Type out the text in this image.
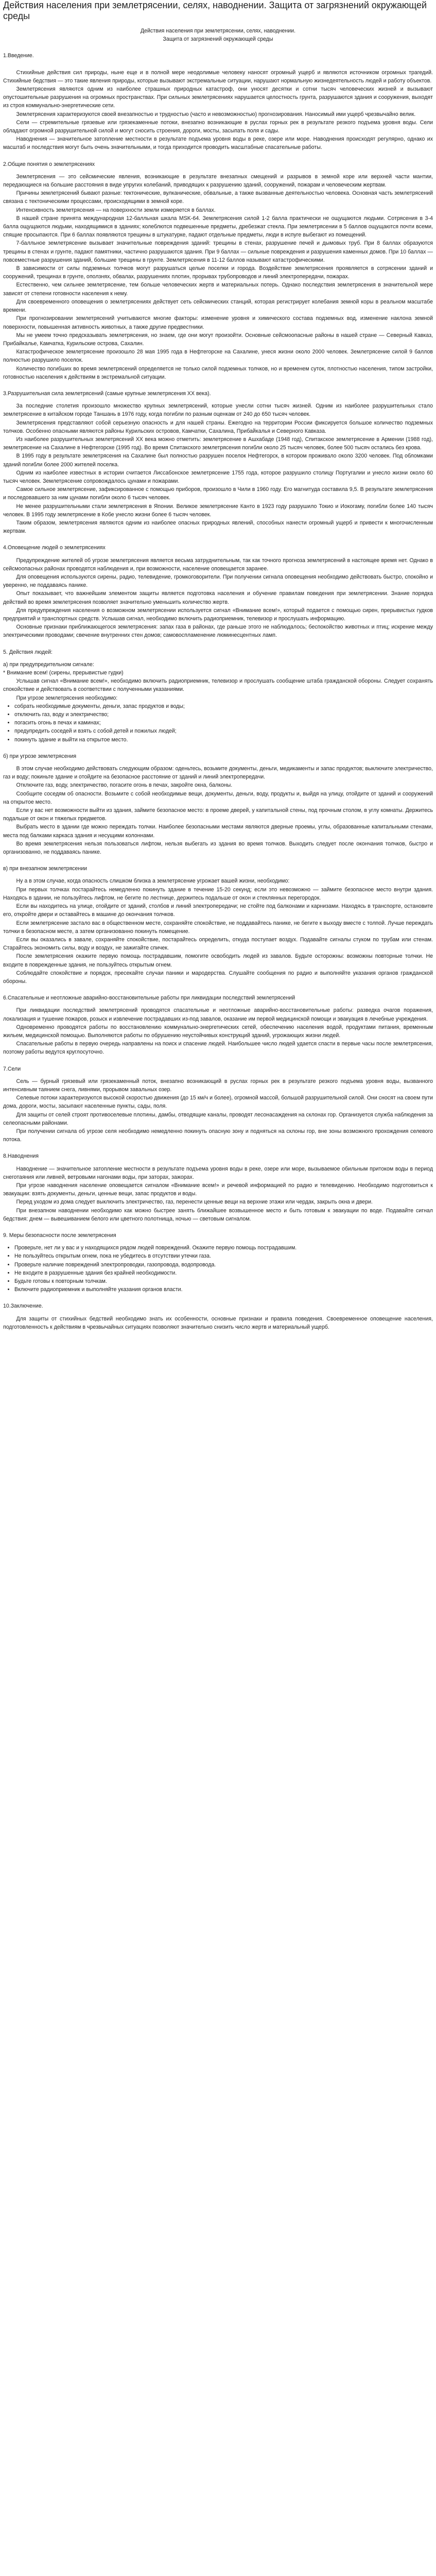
Действия населения при землетрясении, селях, наводнении. Защита от загрязнений окружающей среды

Действия населения при землетрясении, селях, наводнении.

Защита от загрязнений окружающей среды

1.Введение.

Стихийные действия сил природы, ныне еще и в полной мере неодолимые человеку наносят огромный ущерб и являются источником огромных трагедий. Стихийные бедствия — это такие явления природы, которые вызывают экстремальные ситуации, нарушают нормальную жизнедеятельность людей и работу объектов.

Землетрясения являются одним из наиболее страшных природных катастроф, они уносят десятки и сотни тысяч человеческих жизней и вызывают опустошительные разрушения на огромных пространствах. При сильных землетрясениях нарушается целостность грунта, разрушаются здания и сооружения, выходят из строя коммунально-энергетические сети.

Землетрясения характеризуются своей внезапностью и трудностью (часто и невозможностью) прогнозирования. Наносимый ими ущерб чрезвычайно велик.

Сели — стремительные грязевые или грязекаменные потоки, внезапно возникающие в руслах горных рек в результате резкого подъема уровня воды. Сели обладают огромной разрушительной силой и могут сносить строения, дороги, мосты, засыпать поля и сады.

Наводнения — значительное затопление местности в результате подъема уровня воды в реке, озере или море. Наводнения происходят регулярно, однако их масштаб и последствия могут быть очень значительными, и тогда приходится проводить масштабные спасательные работы.

2.Общие понятия о землетрясениях

Землетрясения — это сейсмические явления, возникающие в результате внезапных смещений и разрывов в земной коре или верхней части мантии, передающиеся на большие расстояния в виде упругих колебаний, приводящих к разрушению зданий, сооружений, пожарам и человеческим жертвам.

Причины землетрясений бывают разные: тектонические, вулканические, обвальные, а также вызванные деятельностью человека. Основная часть землетрясений связана с тектоническими процессами, происходящими в земной коре.

Интенсивность землетрясения — на поверхности земли измеряется в баллах.

В нашей стране принята международная 12-балльная шкала MSK-64. Землетрясения силой 1-2 балла практически не ощущаются людьми. Сотрясения в 3-4 балла ощущаются людьми, находящимися в зданиях; колеблются подвешенные предметы, дребезжат стекла. При землетрясении в 5 баллов ощущаются почти всеми, спящие просыпаются. При 6 баллах появляются трещины в штукатурке, падают отдельные предметы, люди в испуге выбегают из помещений.

7-балльное землетрясение вызывает значительные повреждения зданий: трещины в стенах, разрушение печей и дымовых труб. При 8 баллах образуются трещины в стенах и грунте, падают памятники, частично разрушаются здания. При 9 баллах — сильные повреждения и разрушения каменных домов. При 10 баллах — повсеместные разрушения зданий, большие трещины в грунте. Землетрясения в 11-12 баллов называют катастрофическими.

В зависимости от силы подземных толчков могут разрушаться целые поселки и города. Воздействие землетрясения проявляется в сотрясении зданий и сооружений, трещинах в грунте, оползнях, обвалах, разрушениях плотин, прорывах трубопроводов и линий электропередачи, пожарах.

Естественно, чем сильнее землетрясение, тем больше человеческих жертв и материальных потерь. Однако последствия землетрясения в значительной мере зависят от степени готовности населения к нему.

Для своевременного оповещения о землетрясениях действует сеть сейсмических станций, которая регистрирует колебания земной коры в реальном масштабе времени.

При прогнозировании землетрясений учитываются многие факторы: изменение уровня и химического состава подземных вод, изменение наклона земной поверхности, повышенная активность животных, а также другие предвестники.

Мы не умеем точно предсказывать землетрясения, но знаем, где они могут произойти. Основные сейсмоопасные районы в нашей стране — Северный Кавказ, Прибайкалье, Камчатка, Курильские острова, Сахалин.

Катастрофическое землетрясение произошло 28 мая 1995 года в Нефтегорске на Сахалине, унеся жизни около 2000 человек. Землетрясение силой 9 баллов полностью разрушило поселок.

Количество погибших во время землетрясений определяется не только силой подземных толчков, но и временем суток, плотностью населения, типом застройки, готовностью населения к действиям в экстремальной ситуации.

3.Разрушительная сила землетрясений (самые крупные землетрясения XX века).

За последние столетия произошло множество крупных землетрясений, которые унесли сотни тысяч жизней. Одним из наиболее разрушительных стало землетрясение в китайском городе Таншань в 1976 году, когда погибли по разным оценкам от 240 до 650 тысяч человек.

Землетрясения представляют собой серьезную опасность и для нашей страны. Ежегодно на территории России фиксируется большое количество подземных толчков. Особенно опасными являются районы Курильских островов, Камчатки, Сахалина, Прибайкалья и Северного Кавказа.

Из наиболее разрушительных землетрясений XX века можно отметить: землетрясение в Ашхабаде (1948 год), Спитакское землетрясение в Армении (1988 год), землетрясение на Сахалине в Нефтегорске (1995 год). Во время Спитакского землетрясения погибли около 25 тысяч человек, более 500 тысяч остались без крова.

В 1995 году в результате землетрясения на Сахалине был полностью разрушен поселок Нефтегорск, в котором проживало около 3200 человек. Под обломками зданий погибли более 2000 жителей поселка.

Одним из наиболее известных в истории считается Лиссабонское землетрясение 1755 года, которое разрушило столицу Португалии и унесло жизни около 60 тысяч человек. Землетрясение сопровождалось цунами и пожарами.

Самое сильное землетрясение, зафиксированное с помощью приборов, произошло в Чили в 1960 году. Его магнитуда составила 9,5. В результате землетрясения и последовавшего за ним цунами погибли около 6 тысяч человек.

Не менее разрушительными стали землетрясения в Японии. Великое землетрясение Канто в 1923 году разрушило Токио и Иокогаму, погибли более 140 тысяч человек. В 1995 году землетрясение в Кобе унесло жизни более 6 тысяч человек.

Таким образом, землетрясения являются одним из наиболее опасных природных явлений, способных нанести огромный ущерб и привести к многочисленным жертвам.

4.Оповещение людей о землетрясениях

Предупреждение жителей об угрозе землетрясения является весьма затруднительным, так как точного прогноза землетрясений в настоящее время нет. Однако в сейсмоопасных районах проводятся наблюдения и, при возможности, население оповещается заранее.

Для оповещения используются сирены, радио, телевидение, громкоговорители. При получении сигнала оповещения необходимо действовать быстро, спокойно и уверенно, не поддаваясь панике.

Опыт показывает, что важнейшим элементом защиты является подготовка населения и обучение правилам поведения при землетрясении. Знание порядка действий во время землетрясения позволяет значительно уменьшить количество жертв.

Для предупреждения населения о возможном землетрясении используется сигнал «Внимание всем!», который подается с помощью сирен, прерывистых гудков предприятий и транспортных средств. Услышав сигнал, необходимо включить радиоприемник, телевизор и прослушать информацию.

Основные признаки приближающегося землетрясения: запах газа в районах, где раньше этого не наблюдалось; беспокойство животных и птиц; искрение между электрическими проводами; свечение внутренних стен домов; самовоспламенение люминесцентных ламп.

5. Действия людей:

а) при предупредительном сигнале:

* Внимание всем! (сирены, прерывистые гудки)

Услышав сигнал «Внимание всем!», необходимо включить радиоприемник, телевизор и прослушать сообщение штаба гражданской обороны. Следует сохранять спокойствие и действовать в соответствии с полученными указаниями.

При угрозе землетрясения необходимо:

• собрать необходимые документы, деньги, запас продуктов и воды;
• отключить газ, воду и электричество;
• погасить огонь в печах и каминах;
• предупредить соседей и взять с собой детей и пожилых людей;
• покинуть здание и выйти на открытое место.

б) при угрозе землетрясения

В этом случае необходимо действовать следующим образом: оденьтесь, возьмите документы, деньги, медикаменты и запас продуктов; выключите электричество, газ и воду; покиньте здание и отойдите на безопасное расстояние от зданий и линий электропередачи.

Отключите газ, воду, электричество, погасите огонь в печах, закройте окна, балконы.

Сообщите соседям об опасности. Возьмите с собой необходимые вещи, документы, деньги, воду, продукты и, выйдя на улицу, отойдите от зданий и сооружений на открытое место.

Если у вас нет возможности выйти из здания, займите безопасное место: в проеме дверей, у капитальной стены, под прочным столом, в углу комнаты. Держитесь подальше от окон и тяжелых предметов.

Выбрать место в здании где можно переждать толчки. Наиболее безопасными местами являются дверные проемы, углы, образованные капитальными стенами, места под балками каркаса здания и несущими колоннами.

Во время землетрясения нельзя пользоваться лифтом, нельзя выбегать из здания во время толчков. Выходить следует после окончания толчков, быстро и организованно, не поддаваясь панике.

в) при внезапном землетрясении

Ну а в этом случае, когда опасность слишком близка а землетрясение угрожает вашей жизни, необходимо:

При первых толчках постарайтесь немедленно покинуть здание в течение 15-20 секунд; если это невозможно — займите безопасное место внутри здания. Находясь в здании, не пользуйтесь лифтом, не бегите по лестнице, держитесь подальше от окон и стеклянных перегородок.

Если вы находитесь на улице, отойдите от зданий, столбов и линий электропередачи; не стойте под балконами и карнизами. Находясь в транспорте, остановите его, откройте двери и оставайтесь в машине до окончания толчков.

Если землетрясение застало вас в общественном месте, сохраняйте спокойствие, не поддавайтесь панике, не бегите к выходу вместе с толпой. Лучше переждать толчки в безопасном месте, а затем организованно покинуть помещение.

Если вы оказались в завале, сохраняйте спокойствие, постарайтесь определить, откуда поступает воздух. Подавайте сигналы стуком по трубам или стенам. Старайтесь экономить силы, воду и воздух, не зажигайте спичек.

После землетрясения окажите первую помощь пострадавшим, помогите освободить людей из завалов. Будьте осторожны: возможны повторные толчки. Не входите в поврежденные здания, не пользуйтесь открытым огнем.

Соблюдайте спокойствие и порядок, пресекайте случаи паники и мародерства. Слушайте сообщения по радио и выполняйте указания органов гражданской обороны.

6.Спасательные и неотложные аварийно-восстановительные работы при ликвидации последствий землетрясений

При ликвидации последствий землетрясений проводятся спасательные и неотложные аварийно-восстановительные работы: разведка очагов поражения, локализация и тушение пожаров, розыск и извлечение пострадавших из-под завалов, оказание им первой медицинской помощи и эвакуация в лечебные учреждения.

Одновременно проводятся работы по восстановлению коммунально-энергетических сетей, обеспечению населения водой, продуктами питания, временным жильем, медицинской помощью. Выполняются работы по обрушению неустойчивых конструкций зданий, угрожающих жизни людей.

Спасательные работы в первую очередь направлены на поиск и спасение людей. Наибольшее число людей удается спасти в первые часы после землетрясения, поэтому работы ведутся круглосуточно.

7.Сели

Сель — бурный грязевый или грязекаменный поток, внезапно возникающий в руслах горных рек в результате резкого подъема уровня воды, вызванного интенсивным таянием снега, ливнями, прорывом завальных озер.

Селевые потоки характеризуются высокой скоростью движения (до 15 км/ч и более), огромной массой, большой разрушительной силой. Они сносят на своем пути дома, дороги, мосты, засыпают населенные пункты, сады, поля.

Для защиты от селей строят противоселевые плотины, дамбы, отводящие каналы, проводят лесонасаждения на склонах гор. Организуется служба наблюдения за селеопасными районами.

При получении сигнала об угрозе селя необходимо немедленно покинуть опасную зону и подняться на склоны гор, вне зоны возможного прохождения селевого потока.

8.Наводнения

Наводнение — значительное затопление местности в результате подъема уровня воды в реке, озере или море, вызываемое обильным притоком воды в период снеготаяния или ливней, ветровыми нагонами воды, при заторах, зажорах.

При угрозе наводнения население оповещается сигналом «Внимание всем!» и речевой информацией по радио и телевидению. Необходимо подготовиться к эвакуации: взять документы, деньги, ценные вещи, запас продуктов и воды.

Перед уходом из дома следует выключить электричество, газ, перенести ценные вещи на верхние этажи или чердак, закрыть окна и двери.

При внезапном наводнении необходимо как можно быстрее занять ближайшее возвышенное место и быть готовым к эвакуации по воде. Подавайте сигнал бедствия: днем — вывешиванием белого или цветного полотнища, ночью — световым сигналом.

9. Меры безопасности после землетрясения

• Проверьте, нет ли у вас и у находящихся рядом людей повреждений. Окажите первую помощь пострадавшим.
• Не пользуйтесь открытым огнем, пока не убедитесь в отсутствии утечки газа.
• Проверьте наличие повреждений электропроводки, газопровода, водопровода.
• Не входите в разрушенные здания без крайней необходимости.
• Будьте готовы к повторным толчкам.
• Включите радиоприемник и выполняйте указания органов власти.

10.Заключение.

Для защиты от стихийных бедствий необходимо знать их особенности, основные признаки и правила поведения. Своевременное оповещение населения, подготовленность к действиям в чрезвычайных ситуациях позволяют значительно снизить число жертв и материальный ущерб.
